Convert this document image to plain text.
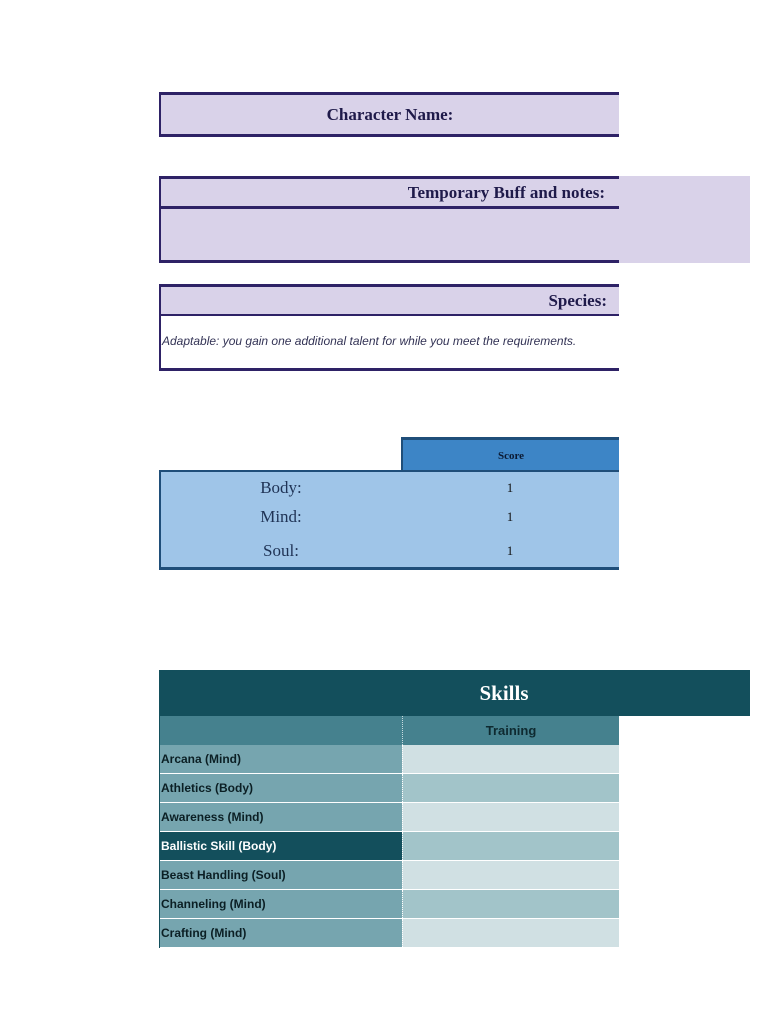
Character Name:
Temporary Buff and notes:
Species:
Adaptable: you gain one additional talent for while you meet the requirements.
Score
Body:	1
Mind:	1
Soul:	1
Skills
Training
Arcana (Mind)
Athletics (Body)
Awareness (Mind)
Ballistic Skill (Body)
Beast Handling (Soul)
Channeling (Mind)
Crafting (Mind)
